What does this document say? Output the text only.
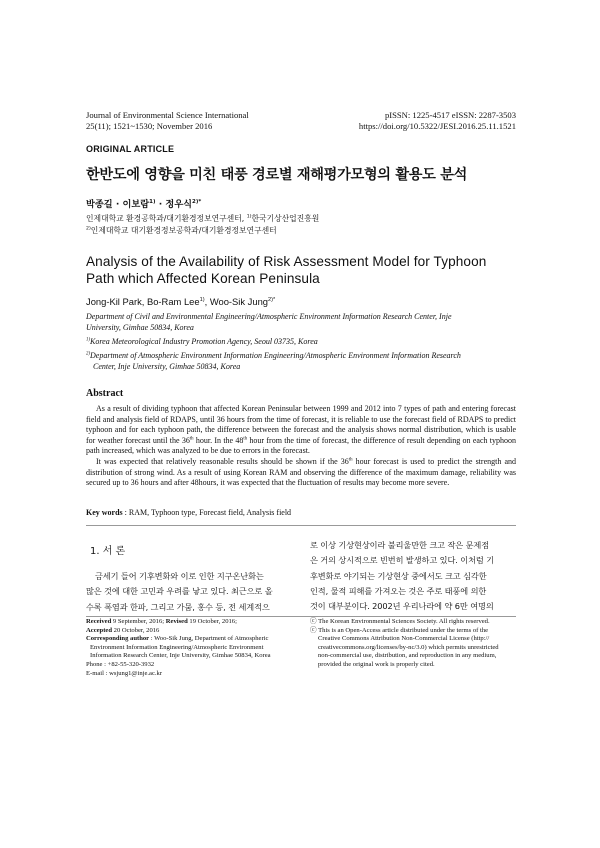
Journal of Environmental Science International
25(11); 1521~1530; November 2016
pISSN: 1225-4517 eISSN: 2287-3503
https://doi.org/10.5322/JESI.2016.25.11.1521
ORIGINAL ARTICLE
한반도에 영향을 미친 태풍 경로별 재해평가모형의 활용도 분석
박종길 · 이보람$^{1)}$ · 정우식$^{2)*}$
인제대학교 환경공학과/대기환경정보연구센터, $^{1)}$한국기상산업진흥원
$^{2)}$인제대학교 대기환경정보공학과/대기환경정보연구센터
Analysis of the Availability of Risk Assessment Model for Typhoon
Path which Affected Korean Peninsula
Jong-Kil Park, Bo-Ram Lee$^{1)}$, Woo-Sik Jung$^{2)*}$
Department of Civil and Environmental Engineering/Atmospheric Environment Information Research Center, Inje
University, Gimhae 50834, Korea
$^{1)}$Korea Meteorological Industry Promotion Agency, Seoul 03735, Korea
$^{2)}$Department of Atmospheric Environment Information Engineering/Atmospheric Environment Information Research
Center, Inje University, Gimhae 50834, Korea
Abstract
As a result of dividing typhoon that affected Korean Peninsular between 1999 and 2012 into 7 types of path and entering forecast field and analysis field of RDAPS, until 36 hours from the time of forecast, it is reliable to use the forecast field of RDAPS to predict typhoon and for each typhoon path, the difference between the forecast and the analysis shows normal distribution, which is usable for weather forecast until the 36th hour. In the 48th hour from the time of forecast, the difference of result depending on each typhoon path increased, which was analyzed to be due to errors in the forecast.
It was expected that relatively reasonable results should be shown if the 36th hour forecast is used to predict the strength and distribution of strong wind. As a result of using Korean RAM and observing the difference of the maximum damage, reliability was secured up to 36 hours and after 48hours, it was expected that the fluctuation of results may become more severe.
Key words : RAM, Typhoon type, Forecast field, Analysis field
1. 서 론
금세기 들어 기후변화와 이로 인한 지구온난화는
많은 것에 대한 고민과 우려를 낳고 있다. 최근으로 올
수록 폭염과 한파, 그리고 가뭄, 홍수 등, 전 세계적으
로 이상 기상현상이라 불리울만한 크고 작은 문제점
은 거의 상시적으로 빈번히 발생하고 있다. 이처럼 기
후변화로 야기되는 기상현상 중에서도 크고 심각한
인적, 물적 피해를 가져오는 것은 주로 태풍에 의한
것이 대부분이다. 2002년 우리나라에 약 6만 여명의
Received 9 September, 2016; Revised 19 October, 2016;
Accepted 20 October, 2016
Corresponding author : Woo-Sik Jung, Department of Atmospheric
Environment Information Engineering/Atmospheric Environment
Information Research Center, Inje University, Gimhae 50834, Korea
Phone : +82-55-320-3932
E-mail : wsjung1@inje.ac.kr
ⓒ The Korean Environmental Sciences Society. All rights reserved.
ⓒ This is an Open-Access article distributed under the terms of the
Creative Commons Attribution Non-Commercial License (http://
creativecommons.org/licenses/by-nc/3.0) which permits unrestricted
non-commercial use, distribution, and reproduction in any medium,
provided the original work is properly cited.
